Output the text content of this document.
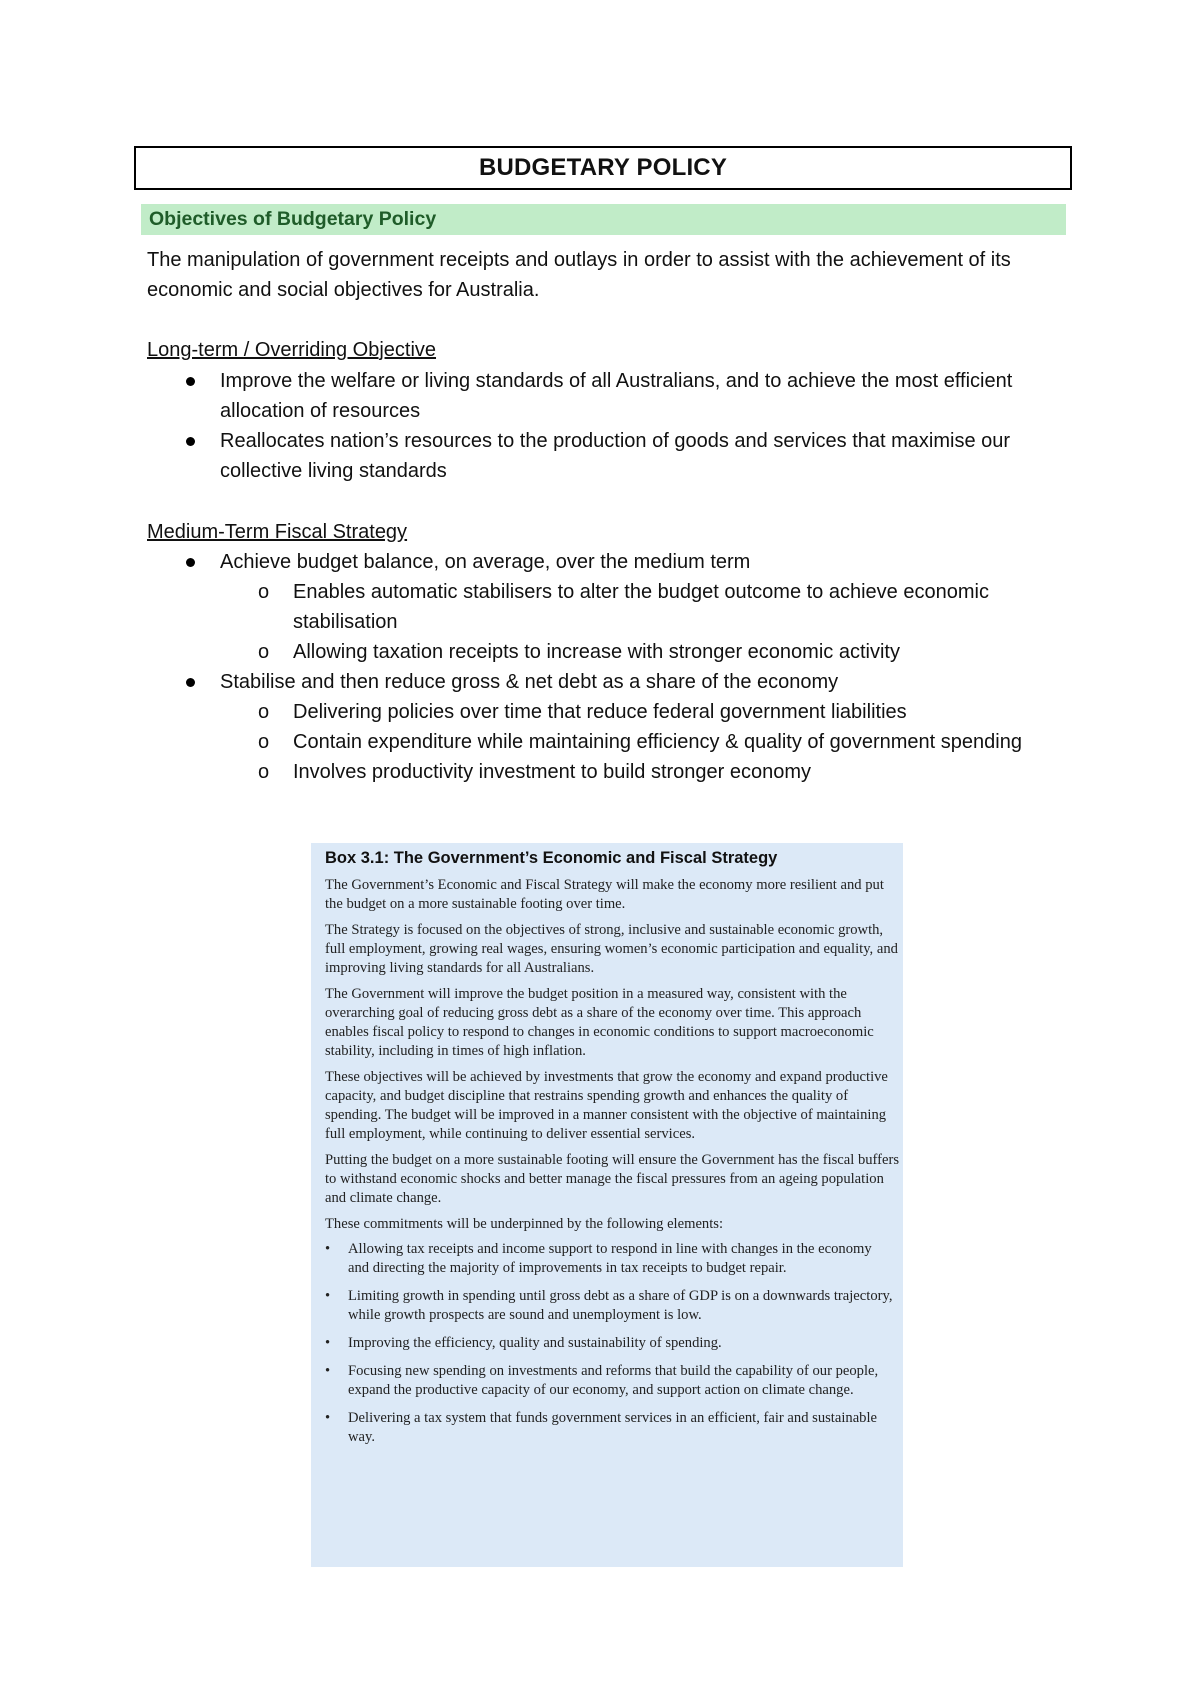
BUDGETARY POLICY
Objectives of Budgetary Policy

The manipulation of government receipts and outlays in order to assist with the achievement of its economic and social objectives for Australia.

Long-term / Overriding Objective

Improve the welfare or living standards of all Australians, and to achieve the most efficient allocation of resources
Reallocates nation’s resources to the production of goods and services that maximise our collective living standards

Medium-Term Fiscal Strategy

Achieve budget balance, on average, over the medium term
o Enables automatic stabilisers to alter the budget outcome to achieve economic stabilisation
o Allowing taxation receipts to increase with stronger economic activity
Stabilise and then reduce gross & net debt as a share of the economy
o Delivering policies over time that reduce federal government liabilities
o Contain expenditure while maintaining efficiency & quality of government spending
o Involves productivity investment to build stronger economy
Box 3.1: The Government’s Economic and Fiscal Strategy

The Government’s Economic and Fiscal Strategy will make the economy more resilient and put the budget on a more sustainable footing over time.

The Strategy is focused on the objectives of strong, inclusive and sustainable economic growth, full employment, growing real wages, ensuring women’s economic participation and equality, and improving living standards for all Australians.

The Government will improve the budget position in a measured way, consistent with the overarching goal of reducing gross debt as a share of the economy over time. This approach enables fiscal policy to respond to changes in economic conditions to support macroeconomic stability, including in times of high inflation.

These objectives will be achieved by investments that grow the economy and expand productive capacity, and budget discipline that restrains spending growth and enhances the quality of spending. The budget will be improved in a manner consistent with the objective of maintaining full employment, while continuing to deliver essential services.

Putting the budget on a more sustainable footing will ensure the Government has the fiscal buffers to withstand economic shocks and better manage the fiscal pressures from an ageing population and climate change.

These commitments will be underpinned by the following elements:

• Allowing tax receipts and income support to respond in line with changes in the economy and directing the majority of improvements in tax receipts to budget repair.
• Limiting growth in spending until gross debt as a share of GDP is on a downwards trajectory, while growth prospects are sound and unemployment is low.
• Improving the efficiency, quality and sustainability of spending.
• Focusing new spending on investments and reforms that build the capability of our people, expand the productive capacity of our economy, and support action on climate change.
• Delivering a tax system that funds government services in an efficient, fair and sustainable way.
